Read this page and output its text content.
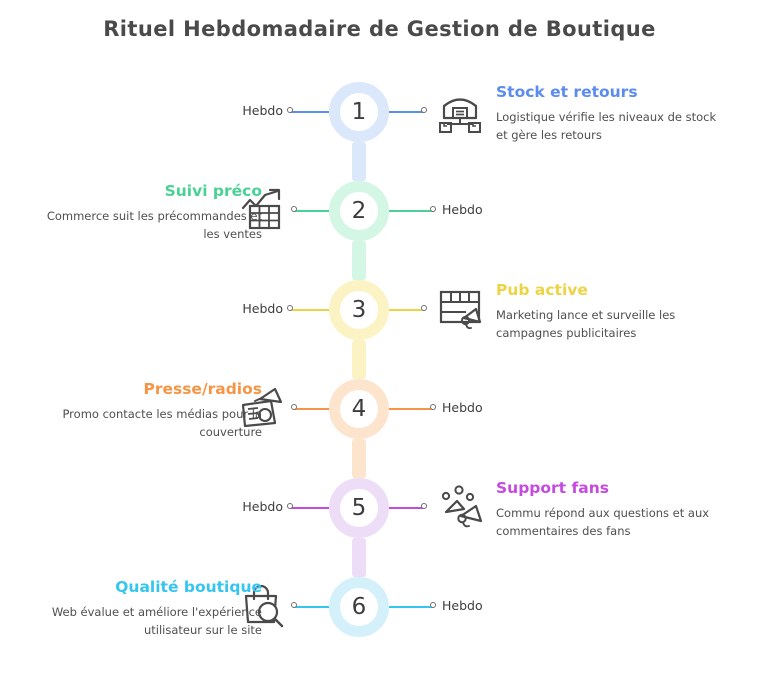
Rituel Hebdomadaire de Gestion de Boutique
1
Stock et retours
Logistique vérifie les niveaux de stock et gère les retours
Hebdo
2
Suivi préco
Commerce suit les précommandes et les ventes
Hebdo
3
Pub active
Marketing lance et surveille les campagnes publicitaires
Hebdo
4
Presse/radios
Promo contacte les médias pour la couverture
Hebdo
5
Support fans
Commu répond aux questions et aux commentaires des fans
Hebdo
6
Qualité boutique
Web évalue et améliore l'expérience utilisateur sur le site
Hebdo
